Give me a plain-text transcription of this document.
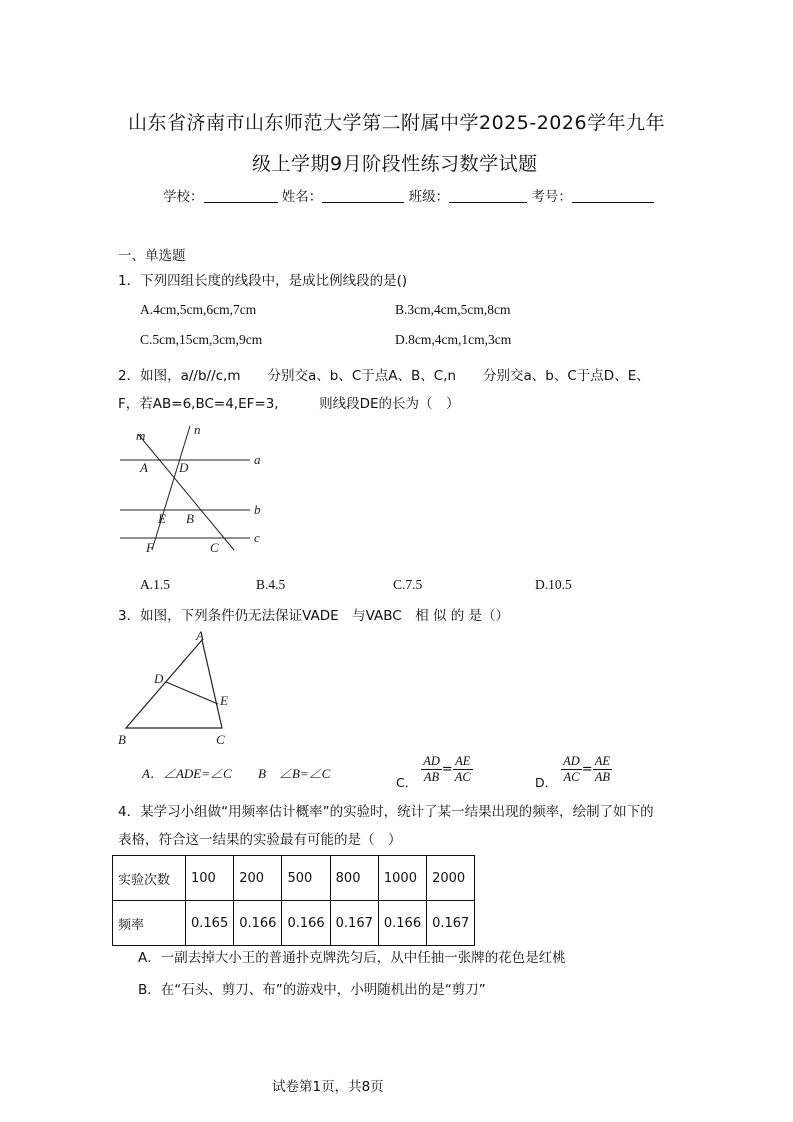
山东省济南市山东师范大学第二附属中学2025-2026学年九年
级上学期9月阶段性练习数学试题
学校：	姓名：	班级：	考号：
一、单选题
1．下列四组长度的线段中，是成比例线段的是()
A.4cm,5cm,6cm,7cm	B.3cm,4cm,5cm,8cm
C.5cm,15cm,3cm,9cm	D.8cm,4cm,1cm,3cm
2．如图，a//b//c,m　　分别交a、b、C于点A、B、C,n　　分别交a、b、C于点D、E、
F，若AB=6,BC=4,EF=3,　　　则线段DE的长为（　）
m	n
a
b
c
A D
E B
F	C
A.1.5	B.4.5	C.7.5	D.10.5
3．如图，下列条件仍无法保证VADE　与VABC　相 似 的 是（）
A
D
E
B	C
A．∠ADE=∠C B　∠B=∠C
C． $\frac{AD}{AB} = \frac{AE}{AC}$	D． $\frac{AD}{AC} = \frac{AE}{AB}$
4．某学习小组做“用频率估计概率”的实验时，统计了某一结果出现的频率，绘制了如下的
表格，符合这一结果的实验最有可能的是（　）
实验次数	100	200	500	800	1000	2000
频率	0.165	0.166	0.166	0.167	0.166	0.167
A．一副去掉大小王的普通扑克牌洗匀后，从中任抽一张牌的花色是红桃
B．在“石头、剪刀、布”的游戏中，小明随机出的是“剪刀”
试卷第1页，共8页
